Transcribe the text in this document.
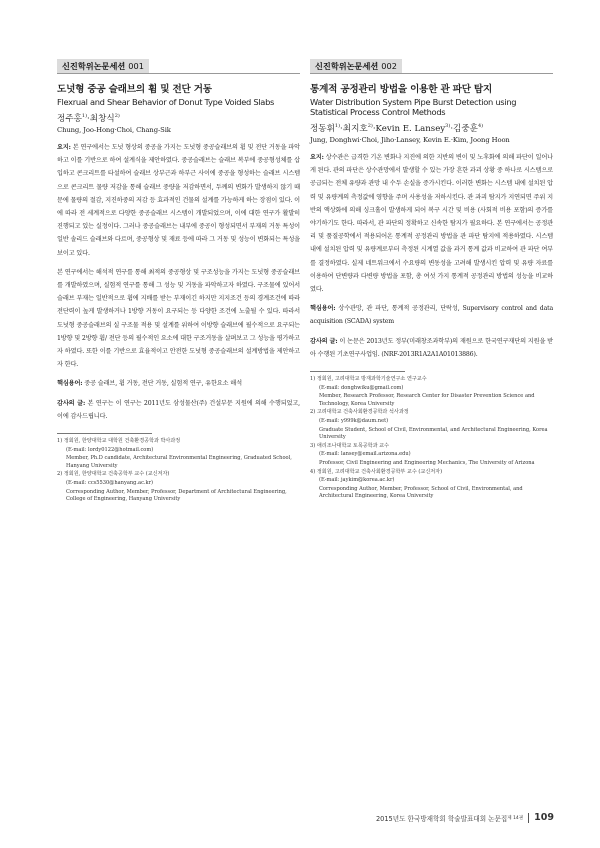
신진학위논문세션 001
도넛형 중공 슬래브의 휨 및 전단 거동
Flexrual and Shear Behavior of Donut Type Voided Slabs
정주홍$^{1)}$·최창식$^{2)}$
Chung, Joo-Hong·Choi, Chang-Sik

요지: 본 연구에서는 도넛 형상의 중공을 가지는 도넛형 중공슬래브의 휨 및 전단 거동을 파악하고 이를 기반으로 하여 설계식을 제안하였다. 중공슬래브는 슬래브 복부에 중공형성체를 삽입하고 콘크리트를 타설하여 슬래브 상부근과 하부근 사이에 중공을 형성하는 슬래브 시스템으로 콘크리트 물량 저감을 통해 슬래브 중량을 저감하면서, 두께의 변화가 발생하지 않기 때문에 물량의 절감, 지진하중의 저감 등 효과적인 건물의 설계를 가능하게 하는 장점이 있다. 이에 따라 전 세계적으로 다양한 중공슬래브 시스템이 개발되었으며, 이에 대한 연구가 활발히 진행되고 있는 실정이다. 그러나 중공슬래브는 내부에 중공이 형성되면서 부재의 거동 특성이 일반 솔리드 슬래브와 다르며, 중공형상 및 재료 등에 따라 그 거동 및 성능이 변화되는 특성을 보이고 있다.

본 연구에서는 해석적 연구를 통해 최적의 중공형상 및 구조성능을 가지는 도넛형 중공슬래브를 개발하였으며, 실험적 연구를 통해 그 성능 및 거동을 파악하고자 하였다. 구조물에 있어서 슬래브 부재는 일반적으로 휨에 지배를 받는 부재이긴 하지만 지지조건 등의 경계조건에 따라 전단력이 높게 발생하거나 1방향 거동이 요구되는 등 다양한 조건에 노출될 수 있다. 따라서 도넛형 중공슬래브의 실 구조물 적용 및 설계를 위하여 이방향 슬래브에 필수적으로 요구되는 1방향 및 2방향 휨/ 전단 등의 필수적인 요소에 대한 구조거동을 살펴보고 그 성능을 평가하고자 하였다. 또한 이를 기반으로 효율적이고 안전한 도넛형 중공슬래브의 설계방법을 제안하고자 한다.

핵심용어: 중공 슬래브, 휨 거동, 전단 거동, 실험적 연구, 유한요소 해석

감사의 글: 본 연구는 이 연구는 2011년도 삼성물산(주) 건설부문 지원에 의해 수행되었고, 이에 감사드립니다.

1) 정회원, 한양대학교 대학원 건축환경공학과 박사과정
(E-mail: lordy0122@hotmail.com)
Member, Ph.D candidate, Architectural Environmental Engineering, Graduated School, Hanyang University
2) 정회원, 한양대학교 건축공학부 교수 (교신저자)
(E-mail: ccs5530@hanyang.ac.kr)
Corresponding Author, Member, Professor, Department of Architectural Engineering, College of Engineering, Hanyang University
신진학위논문세션 002
통계적 공정관리 방법을 이용한 관 파단 탐지
Water Distribution System Pipe Burst Detection using
Statistical Process Control Methods
정동휘$^{1)}$·최지호$^{2)}$·Kevin E. Lansey$^{3)}$·김중훈$^{4)}$
Jung, Donghwi·Choi, Jiho·Lansey, Kevin E.·Kim, Joong Hoon

요지: 상수관은 급격한 기온 변화나 지진에 의한 지반의 변이 및 노후화에 의해 파단이 일어나게 된다. 관의 파단은 상수관망에서 발생할 수 있는 가장 흔한 과괴 상황 중 하나로 시스템으로 공급되는 전체 유량과 관망 내 수두 손실을 증가시킨다. 이러한 변화는 시스템 내에 설치된 압력 및 유량계의 측정값에 영향을 주며 사용성을 저하시킨다. 관 과괴 탐지가 지연되면 주위 지반의 액상화에 의해 싱크홀이 발생하게 되어 복구 시간 및 비용 (사회적 비용 포함)의 증가를 야기하기도 한다. 따라서, 관 파단의 정확하고 신속한 탐지가 필요하다. 본 연구에서는 공정관리 및 품질공학에서 적용되어온 통계적 공정관리 방법을 관 파단 탐지에 적용하였다. 시스템 내에 설치된 압력 및 유량계로부터 측정된 시계열 값을 과거 통계 값과 비교하여 관 파단 여부를 결정하였다. 실제 네트워크에서 수요량의 변동성을 고려해 발생시킨 압력 및 유량 자료를 이용하여 단변량과 다변량 방법을 포함, 총 여섯 가지 통계적 공정관리 방법의 성능을 비교하였다.

핵심용어: 상수관망, 관 파단, 통계적 공정관리, 단락성, Supervisory control and data acquisition (SCADA) system

감사의 글: 이 논문은 2013년도 정부(미래창조과학부)의 재원으로 한국연구재단의 지원을 받아 수행된 기초연구사업임. (NRF-2013R1A2A1A01013886).

1) 정회원, 고려대학교 방재과학기술연구소 연구교수
(E-mail: donghwiku@gmail.com)
Member, Research Professor, Research Center for Disaster Prevention Science and Technology, Korea University
2) 고려대학교 건축사회환경공학과 석사과정
(E-mail: y999k@daum.net)
Graduate Student, School of Civil, Environmental, and Architectural Engineering, Korea University
3) 애리조나대학교 토목공학과 교수
(E-mail: lansey@email.arizona.edu)
Professor, Civil Engineering and Engineering Mechanics, The University of Arizona
4) 정회원, 고려대학교 건축사회환경공학부 교수 (교신저자)
(E-mail: jaykim@korea.ac.kr)
Corresponding Author, Member, Professor, School of Civil, Environmental, and Architectural Engineering, Korea University
2015년도 한국방재학회 학술발표대회 논문집 제 14권 109
